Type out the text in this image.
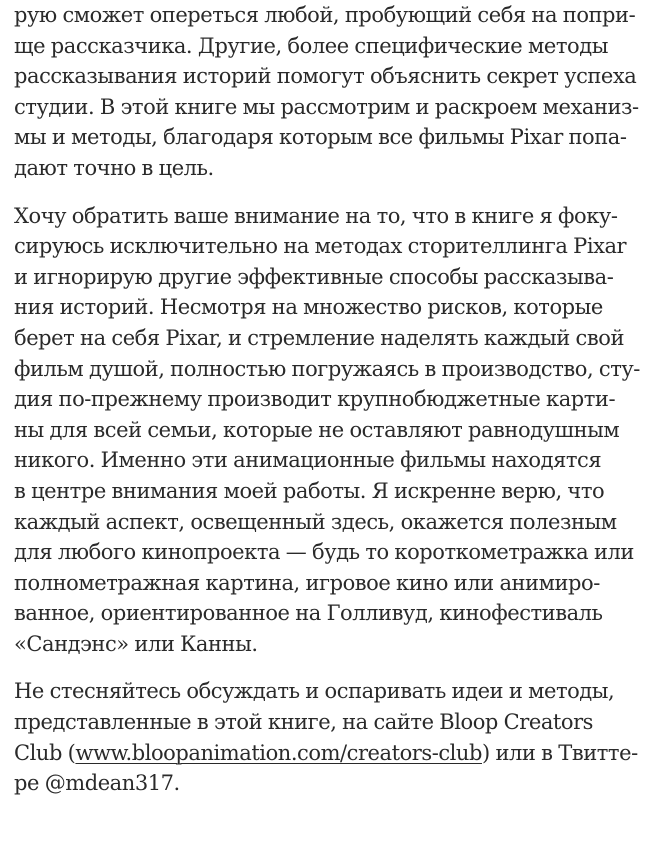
рую сможет опереться любой, пробующий себя на попри-
ще рассказчика. Другие, более специфические методы
рассказывания историй помогут объяснить секрет успеха
студии. В этой книге мы рассмотрим и раскроем механиз-
мы и методы, благодаря которым все фильмы Pixar попа-
дают точно в цель.
Хочу обратить ваше внимание на то, что в книге я фоку-
сируюсь исключительно на методах сторителлинга Pixar
и игнорирую другие эффективные способы рассказыва-
ния историй. Несмотря на множество рисков, которые
берет на себя Pixar, и стремление наделять каждый свой
фильм душой, полностью погружаясь в производство, сту-
дия по-прежнему производит крупнобюджетные карти-
ны для всей семьи, которые не оставляют равнодушным
никого. Именно эти анимационные фильмы находятся
в центре внимания моей работы. Я искренне верю, что
каждый аспект, освещенный здесь, окажется полезным
для любого кинопроекта — будь то короткометражка или
полнометражная картина, игровое кино или анимиро-
ванное, ориентированное на Голливуд, кинофестиваль
«Сандэнс» или Канны.
Не стесняйтесь обсуждать и оспаривать идеи и методы,
представленные в этой книге, на сайте Bloop Creators
Club (www.bloopanimation.com/creators-club) или в Твитте-
ре @mdean317.
